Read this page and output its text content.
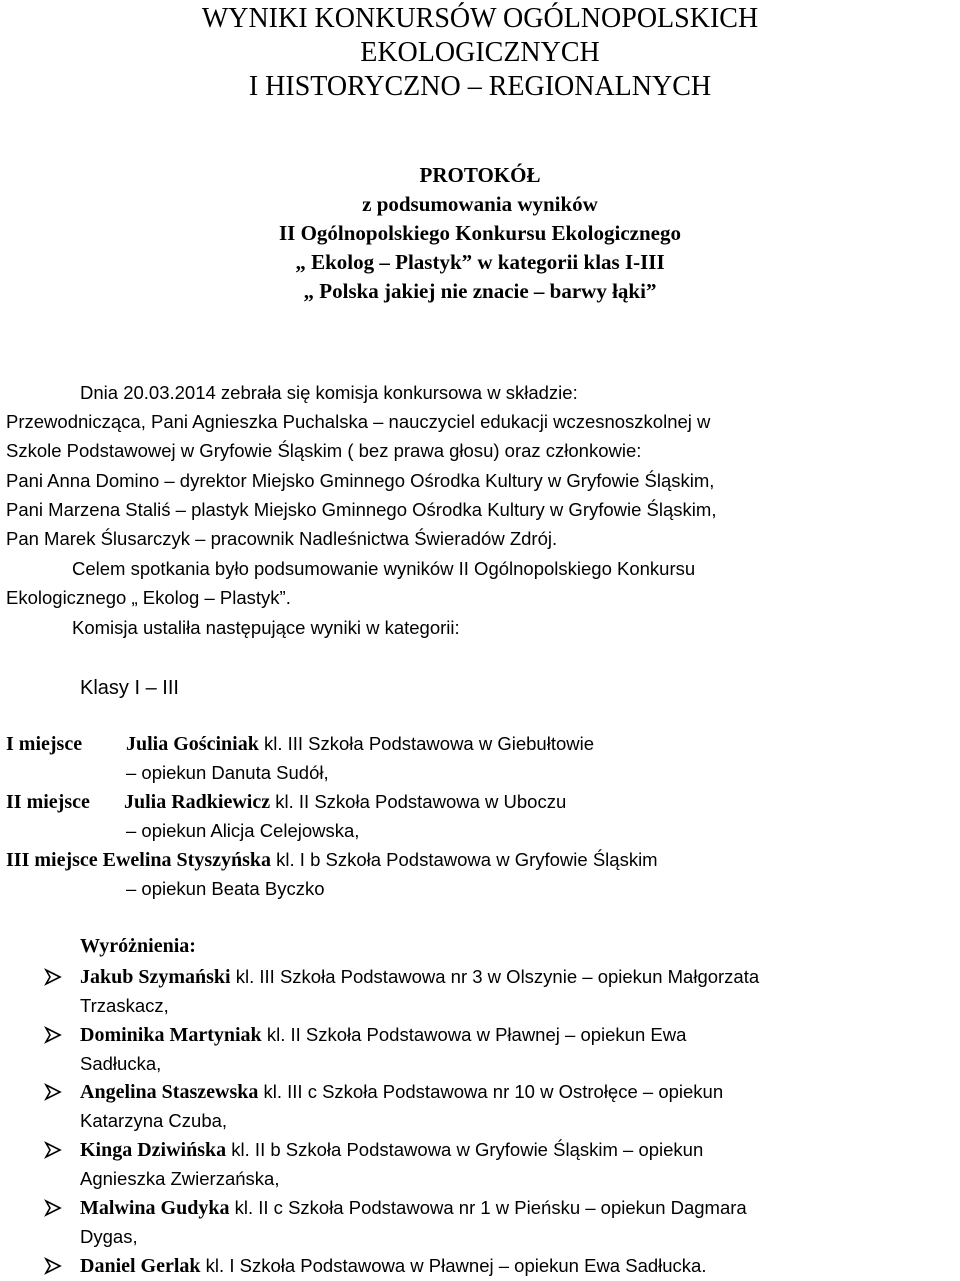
WYNIKI KONKURSÓW OGÓLNOPOLSKICH
EKOLOGICZNYCH
I HISTORYCZNO – REGIONALNYCH
PROTOKÓŁ
z podsumowania wyników
II Ogólnopolskiego Konkursu Ekologicznego
„ Ekolog – Plastyk” w kategorii klas I-III
„ Polska jakiej nie znacie – barwy łąki”
Dnia 20.03.2014 zebrała się komisja konkursowa w składzie:
Przewodnicząca, Pani Agnieszka Puchalska – nauczyciel edukacji wczesnoszkolnej w
Szkole Podstawowej w Gryfowie Śląskim ( bez prawa głosu) oraz członkowie:
Pani Anna Domino – dyrektor Miejsko Gminnego Ośrodka Kultury w Gryfowie Śląskim,
Pani Marzena Staliś – plastyk Miejsko Gminnego Ośrodka Kultury w Gryfowie Śląskim,
Pan Marek Ślusarczyk – pracownik Nadleśnictwa Świeradów Zdrój.
Celem spotkania było podsumowanie wyników II Ogólnopolskiego Konkursu
Ekologicznego „ Ekolog – Plastyk”.
Komisja ustaliła następujące wyniki w kategorii:
Klasy I – III
I miejsce Julia Gościniak kl. III Szkoła Podstawowa w Giebułtowie
– opiekun Danuta Sudół,
II miejsce Julia Radkiewicz kl. II Szkoła Podstawowa w Uboczu
– opiekun Alicja Celejowska,
III miejsce Ewelina Styszyńska kl. I b Szkoła Podstawowa w Gryfowie Śląskim
– opiekun Beata Byczko
Wyróżnienia:
Jakub Szymański kl. III Szkoła Podstawowa nr 3 w Olszynie – opiekun Małgorzata
Trzaskacz,
Dominika Martyniak kl. II Szkoła Podstawowa w Pławnej – opiekun Ewa
Sadłucka,
Angelina Staszewska kl. III c Szkoła Podstawowa nr 10 w Ostrołęce – opiekun
Katarzyna Czuba,
Kinga Dziwińska kl. II b Szkoła Podstawowa w Gryfowie Śląskim – opiekun
Agnieszka Zwierzańska,
Malwina Gudyka kl. II c Szkoła Podstawowa nr 1 w Pieńsku – opiekun Dagmara
Dygas,
Daniel Gerlak kl. I Szkoła Podstawowa w Pławnej – opiekun Ewa Sadłucka.
